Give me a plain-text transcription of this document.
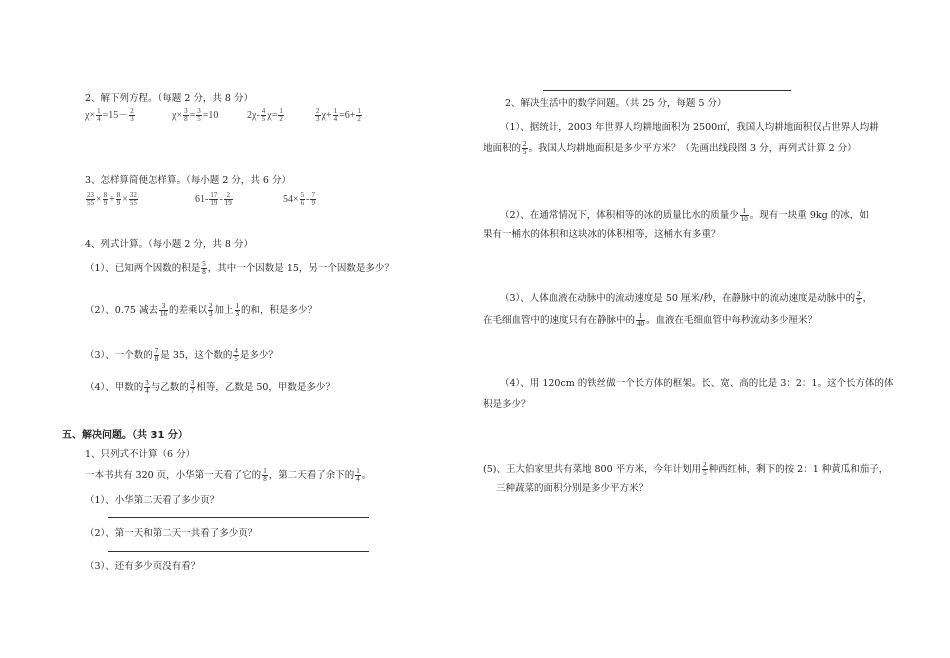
2、解下列方程。（每题 2 分，共 8 分）
$\chi\times \frac{1}{4} =15- \frac{2}{3}$	$\chi\times \frac{3}{8} = \frac{3}{5} =10$	$2\chi- \frac{4}{5} \chi= \frac{1}{2}$	$\frac{2}{3} \chi+ \frac{1}{4} =6+ \frac{1}{2}$
3、怎样算简便怎样算。（每小题 2 分，共 6 分）
$\frac{23}{55} \times \frac{8}{9} + \frac{8}{9} \times \frac{32}{55}$	$61- \frac{17}{19} - \frac{2}{19}$	$54\times \frac{5}{6} - \frac{7}{9}$
4、列式计算。（每小题 2 分，共 8 分）
（1）、已知两个因数的积是 $\frac{5}{8}$ ，其中一个因数是 15，另一个因数是多少？
（2）、0.75 减去 $\frac{3}{16}$ 的差乘以 $\frac{2}{3}$ 加上 $\frac{1}{3}$ 的和，积是多少？
（3）、一个数的 $\frac{7}{8}$ 是 35，这个数的 $\frac{4}{5}$ 是多少？
（4）、甲数的 $\frac{3}{4}$ 与乙数的 $\frac{3}{7}$ 相等，乙数是 50，甲数是多少？
五、解决问题。（共 31 分）
1、只列式不计算（6 分）
一本书共有 320 页，小华第一天看了它的 $\frac{1}{8}$ ，第二天看了余下的 $\frac{1}{4}$ 。
（1）、小华第二天看了多少页？
（2）、第一天和第二天一共看了多少页？
（3）、还有多少页没有看？
2、解决生活中的数学问题。（共 25 分，每题 5 分）
（1）、据统计，2003 年世界人均耕地面积为 2500㎡，我国人均耕地面积仅占世界人均耕
地面积的 $\frac{2}{5}$ 。我国人均耕地面积是多少平方米？（先画出线段图 3 分，再列式计算 2 分）
（2）、在通常情况下，体积相等的冰的质量比水的质量少 $\frac{1}{10}$ 。现有一块重 9kg 的冰，如
果有一桶水的体积和这块冰的体积相等，这桶水有多重？
（3）、人体血液在动脉中的流动速度是 50 厘米/秒，在静脉中的流动速度是动脉中的 $\frac{2}{5}$ ，
在毛细血管中的速度只有在静脉中的 $\frac{1}{40}$ 。血液在毛细血管中每秒流动多少厘米？
（4）、用 120cm 的铁丝做一个长方体的框架。长、宽、高的比是 3：2：1。这个长方体的体
积是多少？
(5)、王大伯家里共有菜地 800 平方米，今年计划用 $\frac{2}{5}$ 种西红柿，剩下的按 2：1 种黄瓜和茄子，
三种蔬菜的面积分别是多少平方米？
